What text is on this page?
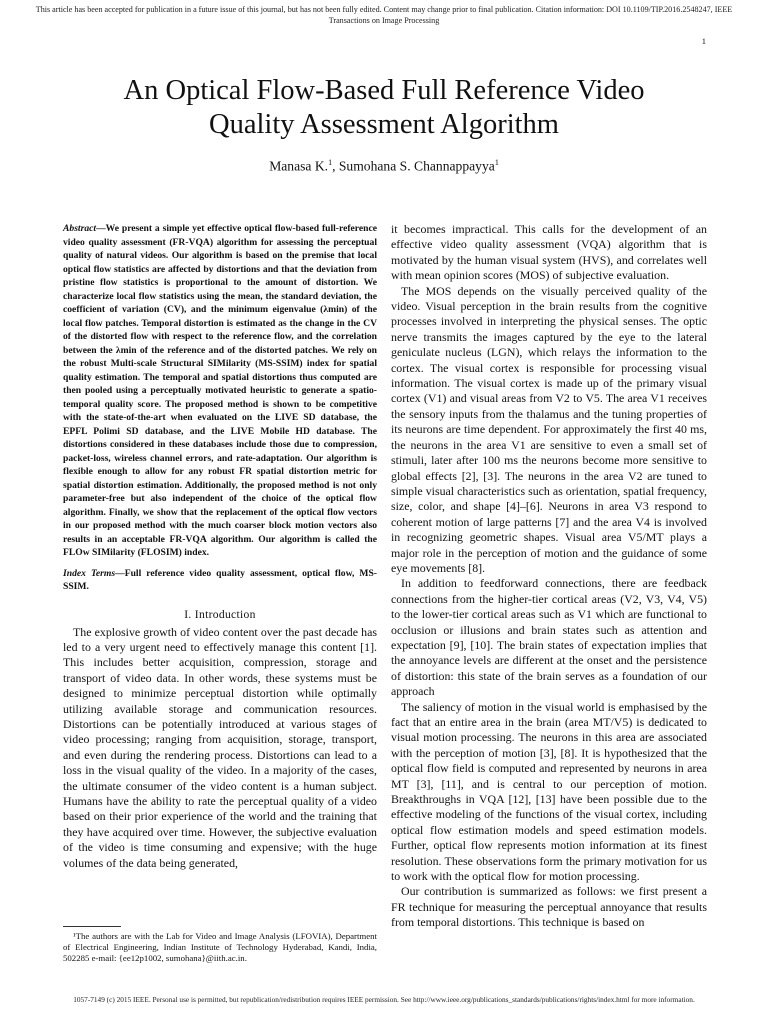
This article has been accepted for publication in a future issue of this journal, but has not been fully edited. Content may change prior to final publication. Citation information: DOI 10.1109/TIP.2016.2548247, IEEE
Transactions on Image Processing
1
An Optical Flow-Based Full Reference Video
Quality Assessment Algorithm
Manasa K.$^1$, Sumohana S. Channappayya$^1$

Abstract—We present a simple yet effective optical flow-based full-reference video quality assessment (FR-VQA) algorithm for assessing the perceptual quality of natural videos. Our algorithm is based on the premise that local optical flow statistics are affected by distortions and that the deviation from pristine flow statistics is proportional to the amount of distortion. We characterize local flow statistics using the mean, the standard deviation, the coefficient of variation (CV), and the minimum eigenvalue (λmin) of the local flow patches. Temporal distortion is estimated as the change in the CV of the distorted flow with respect to the reference flow, and the correlation between the λmin of the reference and of the distorted patches. We rely on the robust Multi-scale Structural SIMilarity (MS-SSIM) index for spatial quality estimation. The temporal and spatial distortions thus computed are then pooled using a perceptually motivated heuristic to generate a spatio-temporal quality score. The proposed method is shown to be competitive with the state-of-the-art when evaluated on the LIVE SD database, the EPFL Polimi SD database, and the LIVE Mobile HD database. The distortions considered in these databases include those due to compression, packet-loss, wireless channel errors, and rate-adaptation. Our algorithm is flexible enough to allow for any robust FR spatial distortion metric for spatial distortion estimation. Additionally, the proposed method is not only parameter-free but also independent of the choice of the optical flow algorithm. Finally, we show that the replacement of the optical flow vectors in our proposed method with the much coarser block motion vectors also results in an acceptable FR-VQA algorithm. Our algorithm is called the FLOw SIMilarity (FLOSIM) index.

Index Terms—Full reference video quality assessment, optical flow, MS-SSIM.

I. Introduction

The explosive growth of video content over the past decade has led to a very urgent need to effectively manage this content [1]. This includes better acquisition, compression, storage and transport of video data. In other words, these systems must be designed to minimize perceptual distortion while optimally utilizing available storage and communication resources. Distortions can be potentially introduced at various stages of video processing; ranging from acquisition, storage, transport, and even during the rendering process. Distortions can lead to a loss in the visual quality of the video. In a majority of the cases, the ultimate consumer of the video content is a human subject. Humans have the ability to rate the perceptual quality of a video based on their prior experience of the world and the training that they have acquired over time. However, the subjective evaluation of the video is time consuming and expensive; with the huge volumes of the data being generated,

it becomes impractical. This calls for the development of an effective video quality assessment (VQA) algorithm that is motivated by the human visual system (HVS), and correlates well with mean opinion scores (MOS) of subjective evaluation.

The MOS depends on the visually perceived quality of the video. Visual perception in the brain results from the cognitive processes involved in interpreting the physical senses. The optic nerve transmits the images captured by the eye to the lateral geniculate nucleus (LGN), which relays the information to the cortex. The visual cortex is responsible for processing visual information. The visual cortex is made up of the primary visual cortex (V1) and visual areas from V2 to V5. The area V1 receives the sensory inputs from the thalamus and the tuning properties of its neurons are time dependent. For approximately the first 40 ms, the neurons in the area V1 are sensitive to even a small set of stimuli, later after 100 ms the neurons become more sensitive to global effects [2], [3]. The neurons in the area V2 are tuned to simple visual characteristics such as orientation, spatial frequency, size, color, and shape [4]–[6]. Neurons in area V3 respond to coherent motion of large patterns [7] and the area V4 is involved in recognizing geometric shapes. Visual area V5/MT plays a major role in the perception of motion and the guidance of some eye movements [8].

In addition to feedforward connections, there are feedback connections from the higher-tier cortical areas (V2, V3, V4, V5) to the lower-tier cortical areas such as V1 which are functional to occlusion or illusions and brain states such as attention and expectation [9], [10]. The brain states of expectation implies that the annoyance levels are different at the onset and the persistence of distortion: this state of the brain serves as a foundation of our approach

The saliency of motion in the visual world is emphasised by the fact that an entire area in the brain (area MT/V5) is dedicated to visual motion processing. The neurons in this area are associated with the perception of motion [3], [8]. It is hypothesized that the optical flow field is computed and represented by neurons in area MT [3], [11], and is central to our perception of motion. Breakthroughs in VQA [12], [13] have been possible due to the effective modeling of the functions of the visual cortex, including optical flow estimation models and speed estimation models. Further, optical flow represents motion information at its finest resolution. These observations form the primary motivation for us to work with the optical flow for motion processing.

Our contribution is summarized as follows: we first present a FR technique for measuring the perceptual annoyance that results from temporal distortions. This technique is based on

¹The authors are with the Lab for Video and Image Analysis (LFOVIA), Department of Electrical Engineering, Indian Institute of Technology Hyderabad, Kandi, India, 502285 e-mail: {ee12p1002, sumohana}@iith.ac.in.

1057-7149 (c) 2015 IEEE. Personal use is permitted, but republication/redistribution requires IEEE permission. See http://www.ieee.org/publications_standards/publications/rights/index.html for more information.
